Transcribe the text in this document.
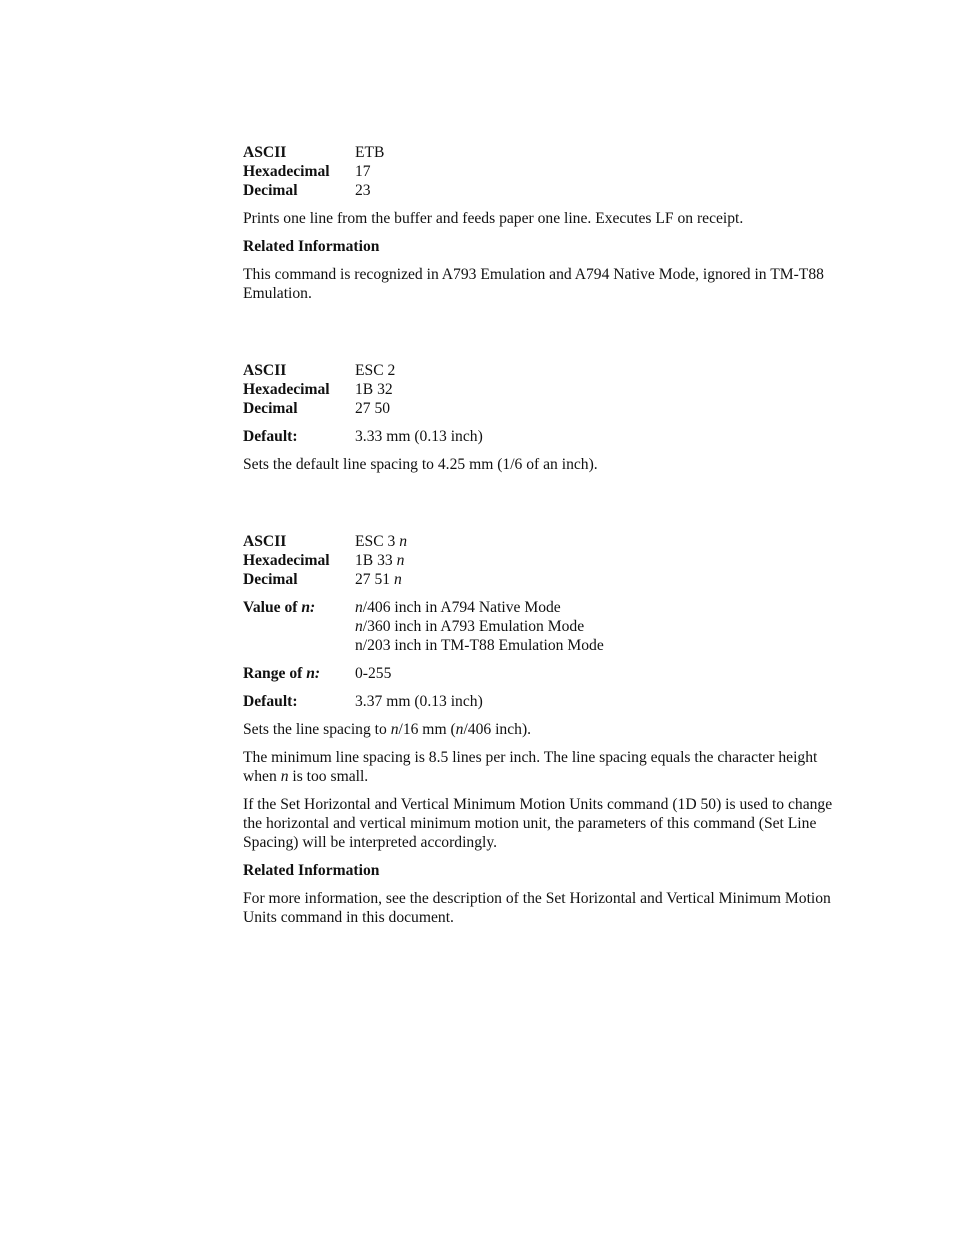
ASCII	ETB
Hexadecimal	17
Decimal	23

Prints one line from the buffer and feeds paper one line. Executes LF on receipt.

Related Information

This command is recognized in A793 Emulation and A794 Native Mode, ignored in TM-T88 Emulation.

ASCII	ESC 2
Hexadecimal	1B 32
Decimal	27 50
Default:	3.33 mm (0.13 inch)

Sets the default line spacing to 4.25 mm (1/6 of an inch).

ASCII	ESC 3 n
Hexadecimal	1B 33 n
Decimal	27 51 n
Value of n:	n/406 inch in A794 Native Mode
n/360 inch in A793 Emulation Mode
n/203 inch in TM-T88 Emulation Mode
Range of n:	0-255
Default:	3.37 mm (0.13 inch)

Sets the line spacing to n/16 mm (n/406 inch).

The minimum line spacing is 8.5 lines per inch. The line spacing equals the character height when n is too small.

If the Set Horizontal and Vertical Minimum Motion Units command (1D 50) is used to change the horizontal and vertical minimum motion unit, the parameters of this command (Set Line Spacing) will be interpreted accordingly.

Related Information

For more information, see the description of the Set Horizontal and Vertical Minimum Motion Units command in this document.
